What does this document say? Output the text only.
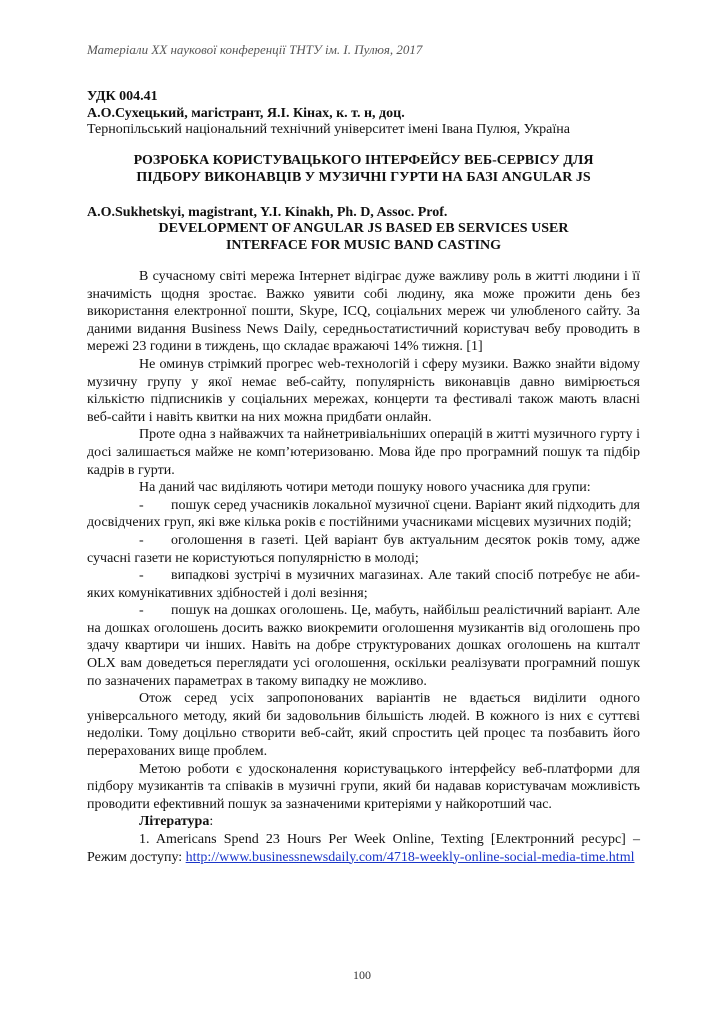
Матеріали XX наукової конференції ТНТУ ім. І. Пулюя, 2017
УДК 004.41
А.О.Сухецький, магістрант, Я.І. Кінах, к. т. н, доц.
Тернопільський національний технічний університет імені Івана Пулюя, Україна
РОЗРОБКА КОРИСТУВАЦЬКОГО ІНТЕРФЕЙСУ ВЕБ-СЕРВІСУ ДЛЯ
ПІДБОРУ ВИКОНАВЦІВ У МУЗИЧНІ ГУРТИ НА БАЗІ ANGULAR JS
A.O.Sukhetskyi, magistrant, Y.I. Kinakh, Ph. D, Assoc. Prof.
DEVELOPMENT OF ANGULAR JS BASED EB SERVICES USER
INTERFACE FOR MUSIC BAND CASTING

В сучасному світі мережа Інтернет відіграє дуже важливу роль в житті людини і її значимість щодня зростає. Важко уявити собі людину, яка може прожити день без використання електронної пошти, Skype, ICQ, соціальних мереж чи улюбленого сайту. За даними видання Business News Daily, середньостатистичний користувач вебу проводить в мережі 23 години в тиждень, що складає вражаючі 14% тижня. [1]

Не оминув стрімкий прогрес web-технологій і сферу музики. Важко знайти відому музичну групу у якої немає веб-сайту, популярність виконавців давно вимірюється кількістю підписників у соціальних мережах, концерти та фестивалі також мають власні веб-сайти і навіть квитки на них можна придбати онлайн.

Проте одна з найважчих та найнетривіальніших операцій в житті музичного гурту і досі залишається майже не комп’ютеризованю. Мова йде про програмний пошук та підбір кадрів в гурти.

На даний час виділяють чотири методи пошуку нового учасника для групи:

- пошук серед учасників локальної музичної сцени. Варіант який підходить для досвідчених груп, які вже кілька років є постійними учасниками місцевих музичних подій;

- оголошення в газеті. Цей варіант був актуальним десяток років тому, адже сучасні газети не користуються популярністю в молоді;

- випадкові зустрічі в музичних магазинах. Але такий спосіб потребує не аби-яких комунікативних здібностей і долі везіння;

- пошук на дошках оголошень. Це, мабуть, найбільш реалістичний варіант. Але на дошках оголошень досить важко виокремити оголошення музикантів від оголошень про здачу квартири чи інших. Навіть на добре структурованих дошках оголошень на кшталт OLX вам доведеться переглядати усі оголошення, оскільки реалізувати програмний пошук по зазначених параметрах в такому випадку не можливо.

Отож серед усіх запропонованих варіантів не вдається виділити одного універсального методу, який би задовольнив більшість людей. В кожного із них є суттєві недоліки. Тому доцільно створити веб-сайт, який спростить цей процес та позбавить його перерахованих вище проблем.

Метою роботи є удосконалення користувацького інтерфейсу веб-платформи для підбору музикантів та співаків в музичні групи, який би надавав користувачам можливість проводити ефективний пошук за зазначеними критеріями у найкоротший час.

Література:

1. Americans Spend 23 Hours Per Week Online, Texting [Електронний ресурс] – Режим доступу: http://www.businessnewsdaily.com/4718-weekly-online-social-media-time.html

100
